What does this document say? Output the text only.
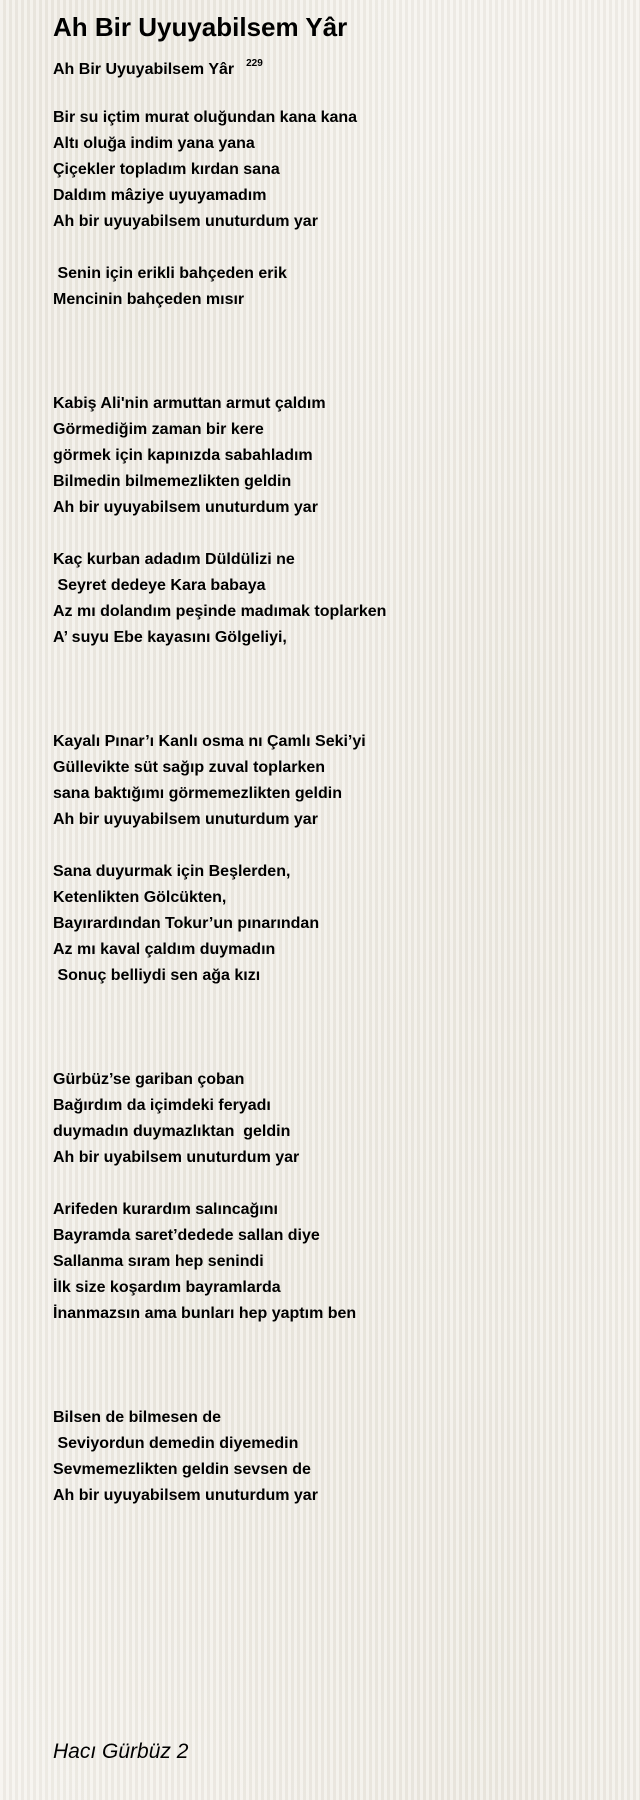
Ah Bir Uyuyabilsem Yâr
Ah Bir Uyuyabilsem Yâr $^{229}$
Bir su içtim murat oluğundan kana kana
Altı oluğa indim yana yana
Çiçekler topladım kırdan sana
Daldım mâziye uyuyamadım
Ah bir uyuyabilsem unuturdum yar
Senin için erikli bahçeden erik
Mencinin bahçeden mısır
Kabiş Ali'nin armuttan armut çaldım
Görmediğim zaman bir kere
görmek için kapınızda sabahladım
Bilmedin bilmemezlikten geldin
Ah bir uyuyabilsem unuturdum yar
Kaç kurban adadım Düldülizi ne
Seyret dedeye Kara babaya
Az mı dolandım peşinde madımak toplarken
A’ suyu Ebe kayasını Gölgeliyi,
Kayalı Pınar’ı Kanlı osma nı Çamlı Seki’yi
Güllevikte süt sağıp zuval toplarken
sana baktığımı görmemezlikten geldin
Ah bir uyuyabilsem unuturdum yar
Sana duyurmak için Beşlerden,
Ketenlikten Gölcükten,
Bayırardından Tokur’un pınarından
Az mı kaval çaldım duymadın
Sonuç belliydi sen ağa kızı
Gürbüz’se gariban çoban
Bağırdım da içimdeki feryadı
duymadın duymazlıktan  geldin
Ah bir uyabilsem unuturdum yar
Arifeden kurardım salıncağını
Bayramda saret’dedede sallan diye
Sallanma sıram hep senindi
İlk size koşardım bayramlarda
İnanmazsın ama bunları hep yaptım ben
Bilsen de bilmesen de
Seviyordun demedin diyemedin
Sevmemezlikten geldin sevsen de
Ah bir uyuyabilsem unuturdum yar
Hacı Gürbüz 2
